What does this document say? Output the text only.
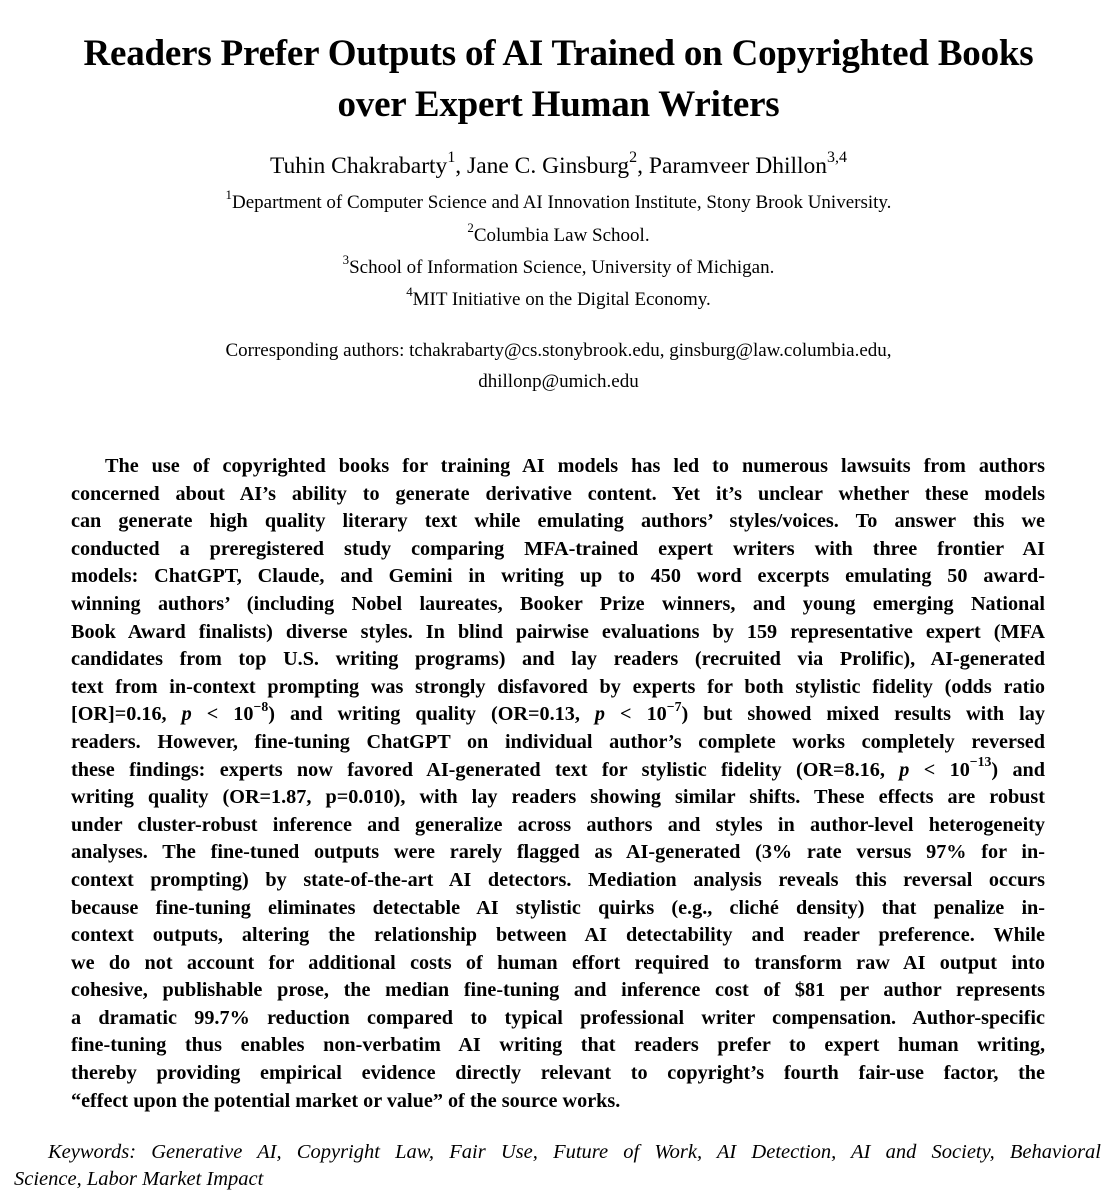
Readers Prefer Outputs of AI Trained on Copyrighted Books
over Expert Human Writers
Tuhin Chakrabarty$^1$, Jane C. Ginsburg$^2$, Paramveer Dhillon$^{3,4}$
$^1$Department of Computer Science and AI Innovation Institute, Stony Brook University.
$^2$Columbia Law School.
$^3$School of Information Science, University of Michigan.
$^4$MIT Initiative on the Digital Economy.
Corresponding authors: tchakrabarty@cs.stonybrook.edu, ginsburg@law.columbia.edu,
dhillonp@umich.edu

The use of copyrighted books for training AI models has led to numerous lawsuits from authors
concerned about AI’s ability to generate derivative content. Yet it’s unclear whether these models
can generate high quality literary text while emulating authors’ styles/voices. To answer this we
conducted a preregistered study comparing MFA-trained expert writers with three frontier AI
models: ChatGPT, Claude, and Gemini in writing up to 450 word excerpts emulating 50 award-
winning authors’ (including Nobel laureates, Booker Prize winners, and young emerging National
Book Award finalists) diverse styles. In blind pairwise evaluations by 159 representative expert (MFA
candidates from top U.S. writing programs) and lay readers (recruited via Prolific), AI-generated
text from in-context prompting was strongly disfavored by experts for both stylistic fidelity (odds ratio
[OR]=0.16, $p < 10^{-8}$) and writing quality (OR=0.13, $p < 10^{-7}$) but showed mixed results with lay
readers. However, fine-tuning ChatGPT on individual author’s complete works completely reversed
these findings: experts now favored AI-generated text for stylistic fidelity (OR=8.16, $p < 10^{-13}$) and
writing quality (OR=1.87, p=0.010), with lay readers showing similar shifts. These effects are robust
under cluster-robust inference and generalize across authors and styles in author-level heterogeneity
analyses. The fine-tuned outputs were rarely flagged as AI-generated (3% rate versus 97% for in-
context prompting) by state-of-the-art AI detectors. Mediation analysis reveals this reversal occurs
because fine-tuning eliminates detectable AI stylistic quirks (e.g., cliché density) that penalize in-
context outputs, altering the relationship between AI detectability and reader preference. While
we do not account for additional costs of human effort required to transform raw AI output into
cohesive, publishable prose, the median fine-tuning and inference cost of $81 per author represents
a dramatic 99.7% reduction compared to typical professional writer compensation. Author-specific
fine-tuning thus enables non-verbatim AI writing that readers prefer to expert human writing,
thereby providing empirical evidence directly relevant to copyright’s fourth fair-use factor, the
“effect upon the potential market or value” of the source works.

Keywords: Generative AI, Copyright Law, Fair Use, Future of Work, AI Detection, AI and Society, Behavioral
Science, Labor Market Impact
